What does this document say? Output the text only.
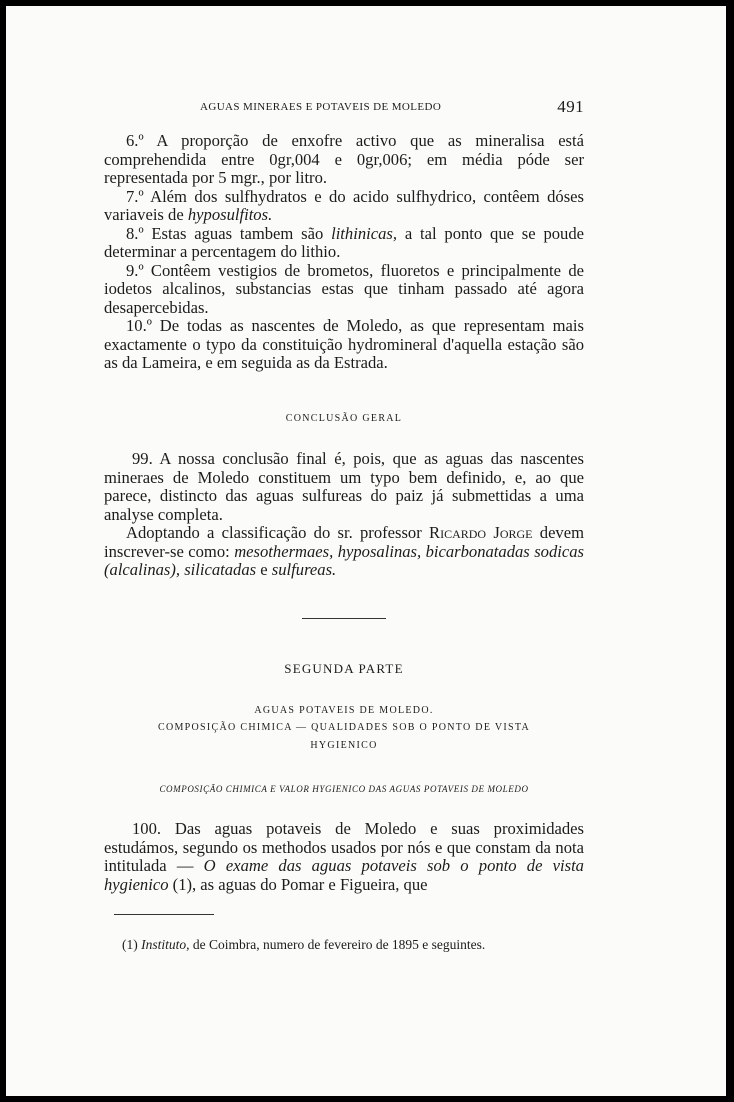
AGUAS MINERAES E POTAVEIS DE MOLEDO	491

6.º A proporção de enxofre activo que as mineralisa está comprehendida entre 0gr,004 e 0gr,006; em média póde ser representada por 5 mgr., por litro.

7.º Além dos sulfhydratos e do acido sulfhydrico, contêem dóses variaveis de hyposulfitos.

8.º Estas aguas tambem são lithinicas, a tal ponto que se poude determinar a percentagem do lithio.

9.º Contêem vestigios de brometos, fluoretos e principalmente de iodetos alcalinos, substancias estas que tinham passado até agora desapercebidas.

10.º De todas as nascentes de Moledo, as que representam mais exactamente o typo da constituição hydromineral d'aquella estação são as da Lameira, e em seguida as da Estrada.

CONCLUSÃO GERAL

99. A nossa conclusão final é, pois, que as aguas das nascentes mineraes de Moledo constituem um typo bem definido, e, ao que parece, distincto das aguas sulfureas do paiz já submettidas a uma analyse completa.

Adoptando a classificação do sr. professor Ricardo Jorge devem inscrever-se como: mesothermaes, hyposalinas, bicarbonatadas sodicas (alcalinas), silicatadas e sulfureas.

SEGUNDA PARTE

AGUAS POTAVEIS DE MOLEDO.

COMPOSIÇÃO CHIMICA — QUALIDADES SOB O PONTO DE VISTA HYGIENICO

COMPOSIÇÃO CHIMICA E VALOR HYGIENICO DAS AGUAS POTAVEIS DE MOLEDO

100. Das aguas potaveis de Moledo e suas proximidades estudámos, segundo os methodos usados por nós e que constam da nota intitulada — O exame das aguas potaveis sob o ponto de vista hygienico (1), as aguas do Pomar e Figueira, que

(1) Instituto, de Coimbra, numero de fevereiro de 1895 e seguintes.
